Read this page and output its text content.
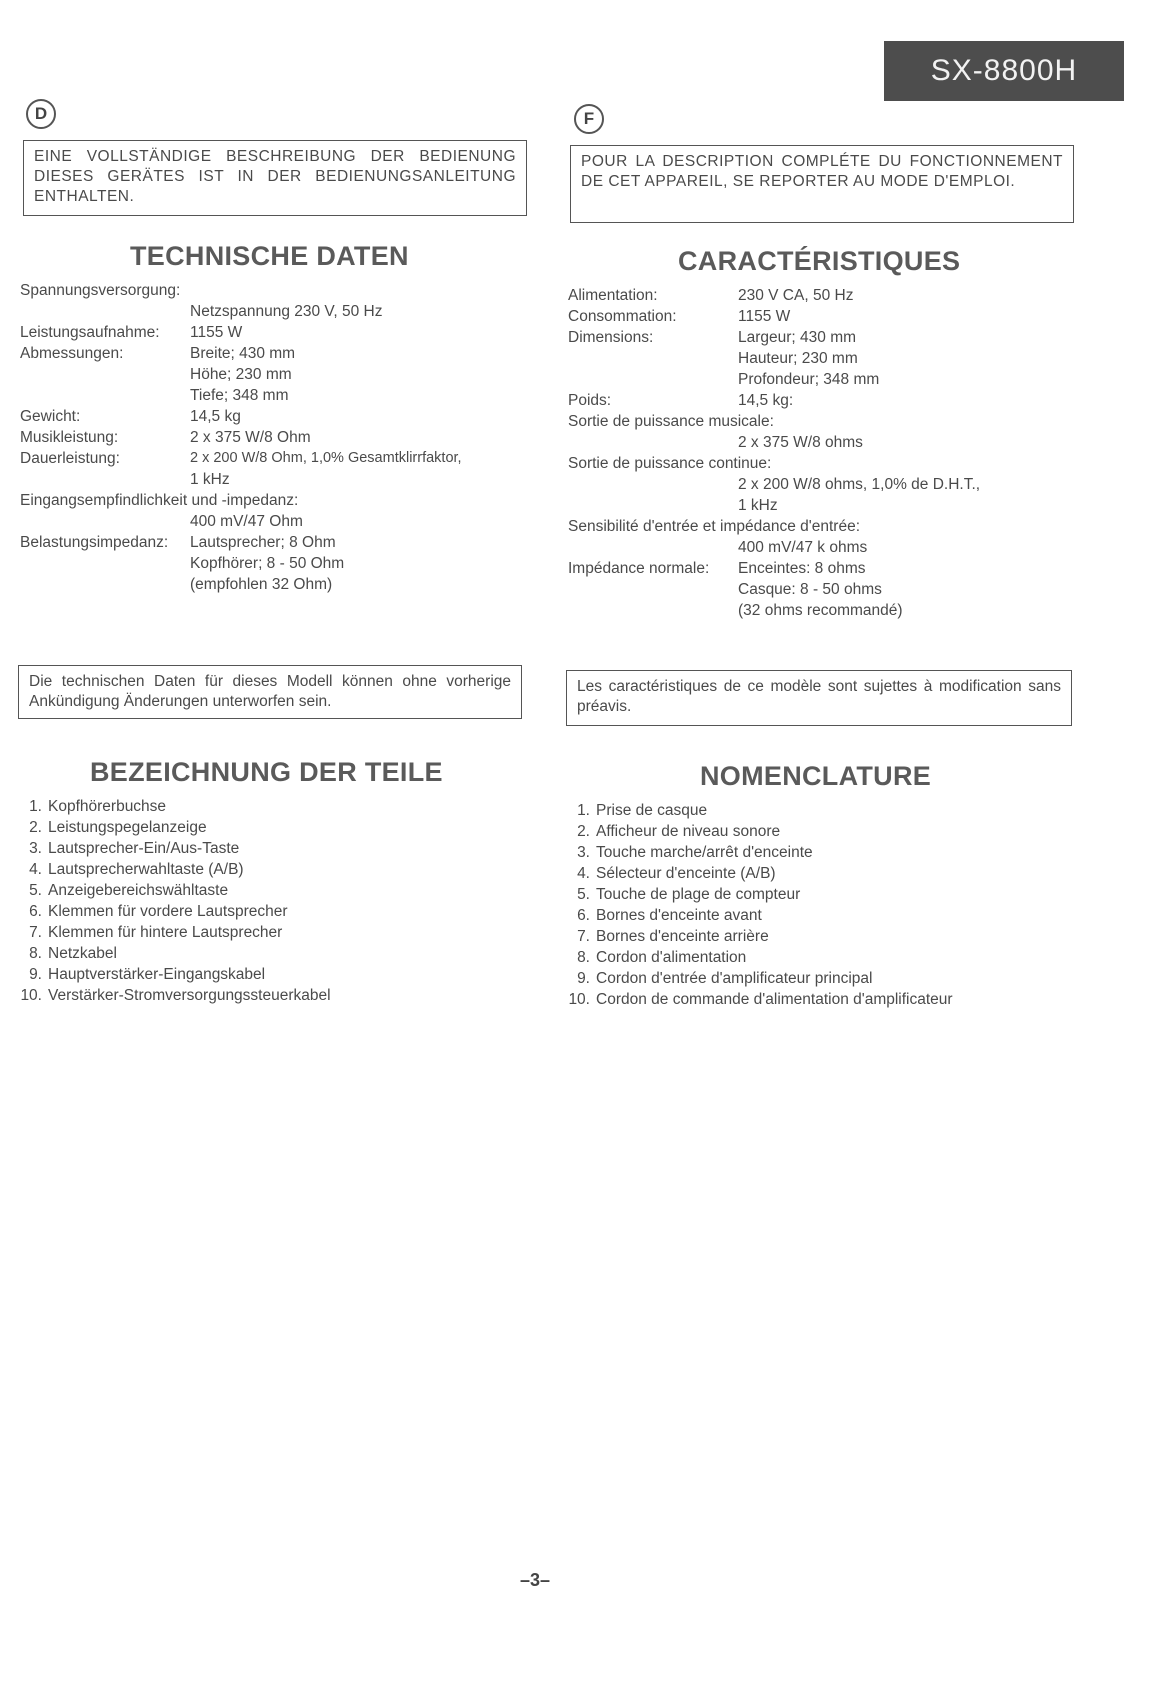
SX-8800H
D
EINE VOLLSTÄNDIGE BESCHREIBUNG DER BEDIENUNG DIESES GERÄTES IST IN DER BEDIENUNGSANLEITUNG ENTHALTEN.
TECHNISCHE DATEN
Spannungsversorgung:
Netzspannung 230 V, 50 Hz
Leistungsaufnahme:	1155 W
Abmessungen:	Breite; 430 mm
Höhe; 230 mm
Tiefe; 348 mm
Gewicht:	14,5 kg
Musikleistung:	2 x 375 W/8 Ohm
Dauerleistung:	2 x 200 W/8 Ohm, 1,0% Gesamtklirrfaktor,
1 kHz
Eingangsempfindlichkeit und -impedanz:
400 mV/47 Ohm
Belastungsimpedanz:	Lautsprecher; 8 Ohm
Kopfhörer; 8 - 50 Ohm
(empfohlen 32 Ohm)
Die technischen Daten für dieses Modell können ohne vorherige Ankündigung Änderungen unterworfen sein.
BEZEICHNUNG DER TEILE
1. Kopfhörerbuchse
2. Leistungspegelanzeige
3. Lautsprecher-Ein/Aus-Taste
4. Lautsprecherwahltaste (A/B)
5. Anzeigebereichswähltaste
6. Klemmen für vordere Lautsprecher
7. Klemmen für hintere Lautsprecher
8. Netzkabel
9. Hauptverstärker-Eingangskabel
10. Verstärker-Stromversorgungssteuerkabel
F
POUR LA DESCRIPTION COMPLÉTE DU FONCTIONNEMENT DE CET APPAREIL, SE REPORTER AU MODE D'EMPLOI.
CARACTÉRISTIQUES
Alimentation:	230 V CA, 50 Hz
Consommation:	1155 W
Dimensions:	Largeur; 430 mm
Hauteur; 230 mm
Profondeur; 348 mm
Poids:	14,5 kg:
Sortie de puissance musicale:
2 x 375 W/8 ohms
Sortie de puissance continue:
2 x 200 W/8 ohms, 1,0% de D.H.T.,
1 kHz
Sensibilité d'entrée et impédance d'entrée:
400 mV/47 k ohms
Impédance normale:	Enceintes: 8 ohms
Casque: 8 - 50 ohms
(32 ohms recommandé)
Les caractéristiques de ce modèle sont sujettes à modification sans préavis.
NOMENCLATURE
1. Prise de casque
2. Afficheur de niveau sonore
3. Touche marche/arrêt d'enceinte
4. Sélecteur d'enceinte (A/B)
5. Touche de plage de compteur
6. Bornes d'enceinte avant
7. Bornes d'enceinte arrière
8. Cordon d'alimentation
9. Cordon d'entrée d'amplificateur principal
10. Cordon de commande d'alimentation d'amplificateur
–3–
